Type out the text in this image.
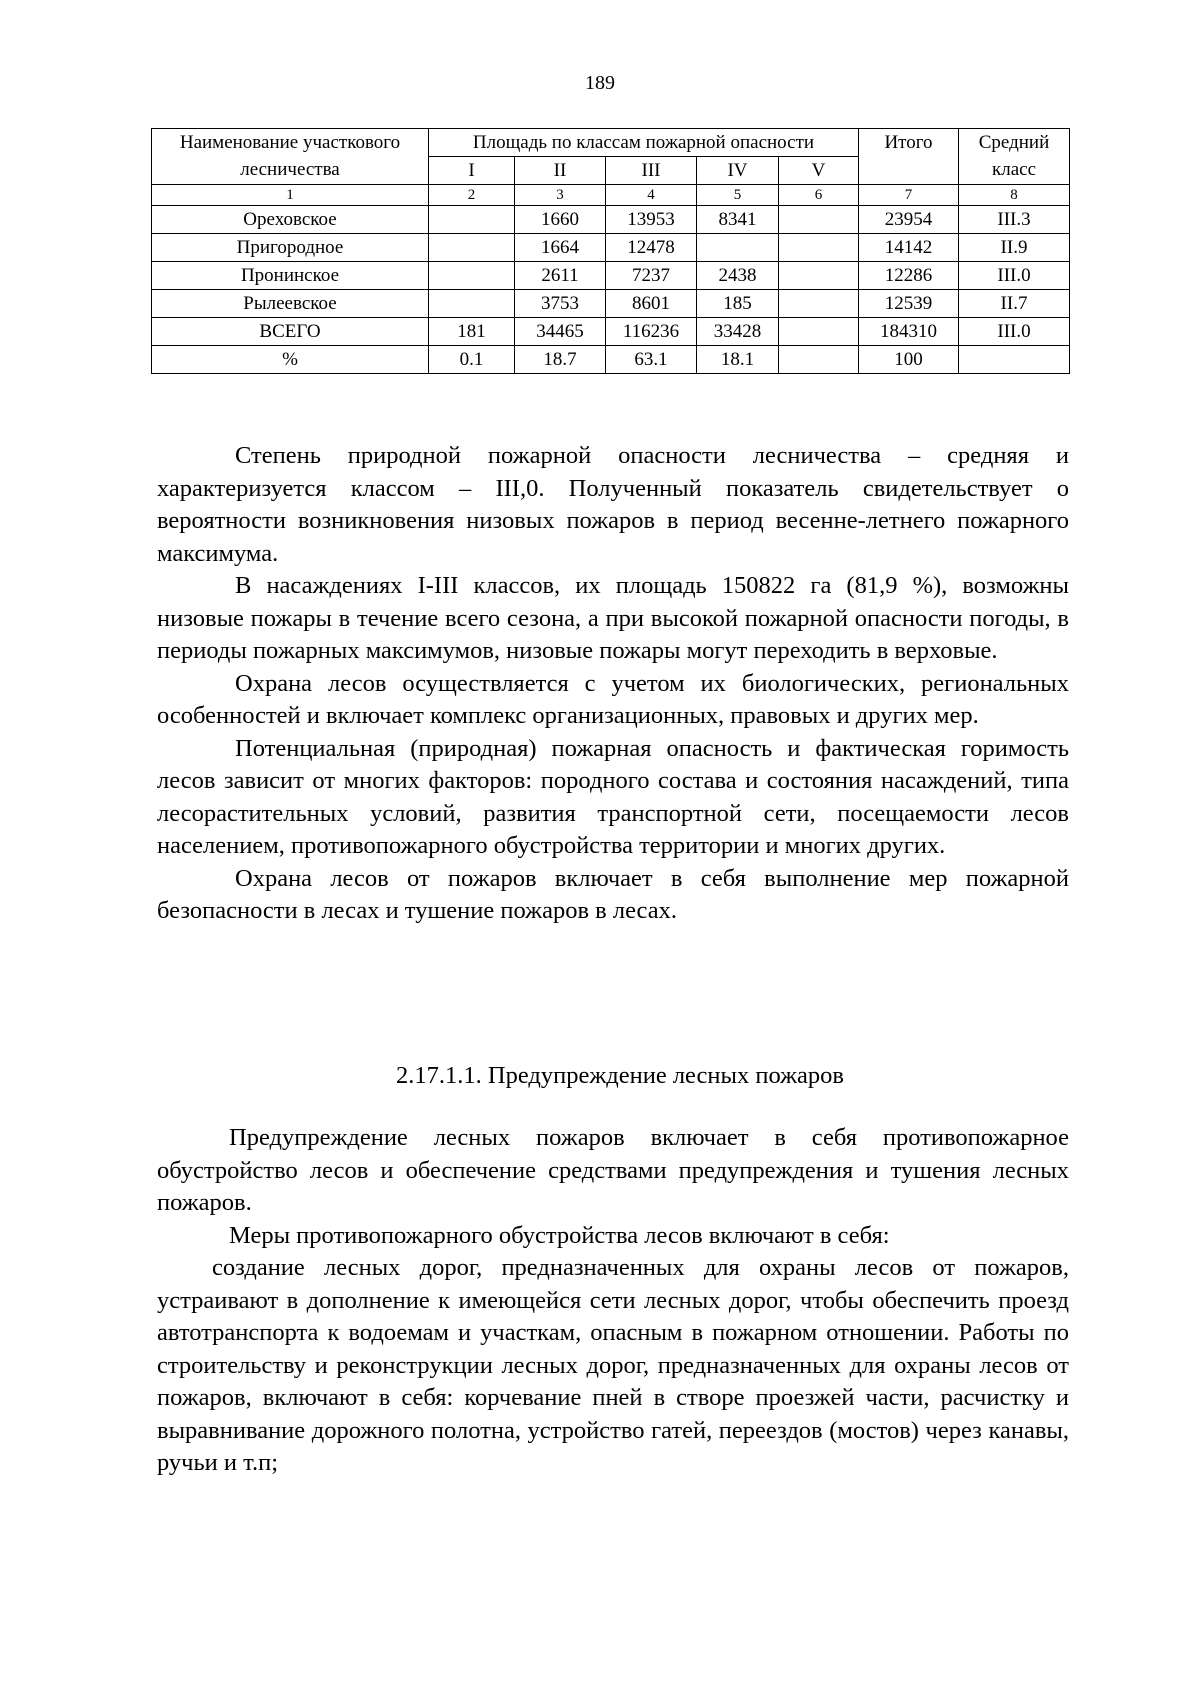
189
Наименование участкового лесничества	Площадь по классам пожарной опасности					Итого	Средний класс
	I	II	III	IV	V		
1	2	3	4	5	6	7	8
Ореховское		1660	13953	8341		23954	III.3
Пригородное		1664	12478			14142	II.9
Пронинское		2611	7237	2438		12286	III.0
Рылеевское		3753	8601	185		12539	II.7
ВСЕГО	181	34465	116236	33428		184310	III.0
%	0.1	18.7	63.1	18.1		100	

Степень природной пожарной опасности лесничества – средняя и характеризуется классом – III,0. Полученный показатель свидетельствует о вероятности возникновения низовых пожаров в период весенне-летнего пожарного максимума.

В насаждениях I-III классов, их площадь 150822 га (81,9 %), возможны низовые пожары в течение всего сезона, а при высокой пожарной опасности погоды, в периоды пожарных максимумов, низовые пожары могут переходить в верховые.

Охрана лесов осуществляется с учетом их биологических, региональных особенностей и включает комплекс организационных, правовых и других мер.

Потенциальная (природная) пожарная опасность и фактическая горимость лесов зависит от многих факторов: породного состава и состояния насаждений, типа лесорастительных условий, развития транспортной сети, посещаемости лесов населением, противопожарного обустройства территории и многих других.

Охрана лесов от пожаров включает в себя выполнение мер пожарной безопасности в лесах и тушение пожаров в лесах.

2.17.1.1. Предупреждение лесных пожаров

Предупреждение лесных пожаров включает в себя противопожарное обустройство лесов и обеспечение средствами предупреждения и тушения лесных пожаров.

Меры противопожарного обустройства лесов включают в себя:

создание лесных дорог, предназначенных для охраны лесов от пожаров, устраивают в дополнение к имеющейся сети лесных дорог, чтобы обеспечить проезд автотранспорта к водоемам и участкам, опасным в пожарном отношении. Работы по строительству и реконструкции лесных дорог, предназначенных для охраны лесов от пожаров, включают в себя: корчевание пней в створе проезжей части, расчистку и выравнивание дорожного полотна, устройство гатей, переездов (мостов) через канавы, ручьи и т.п;
